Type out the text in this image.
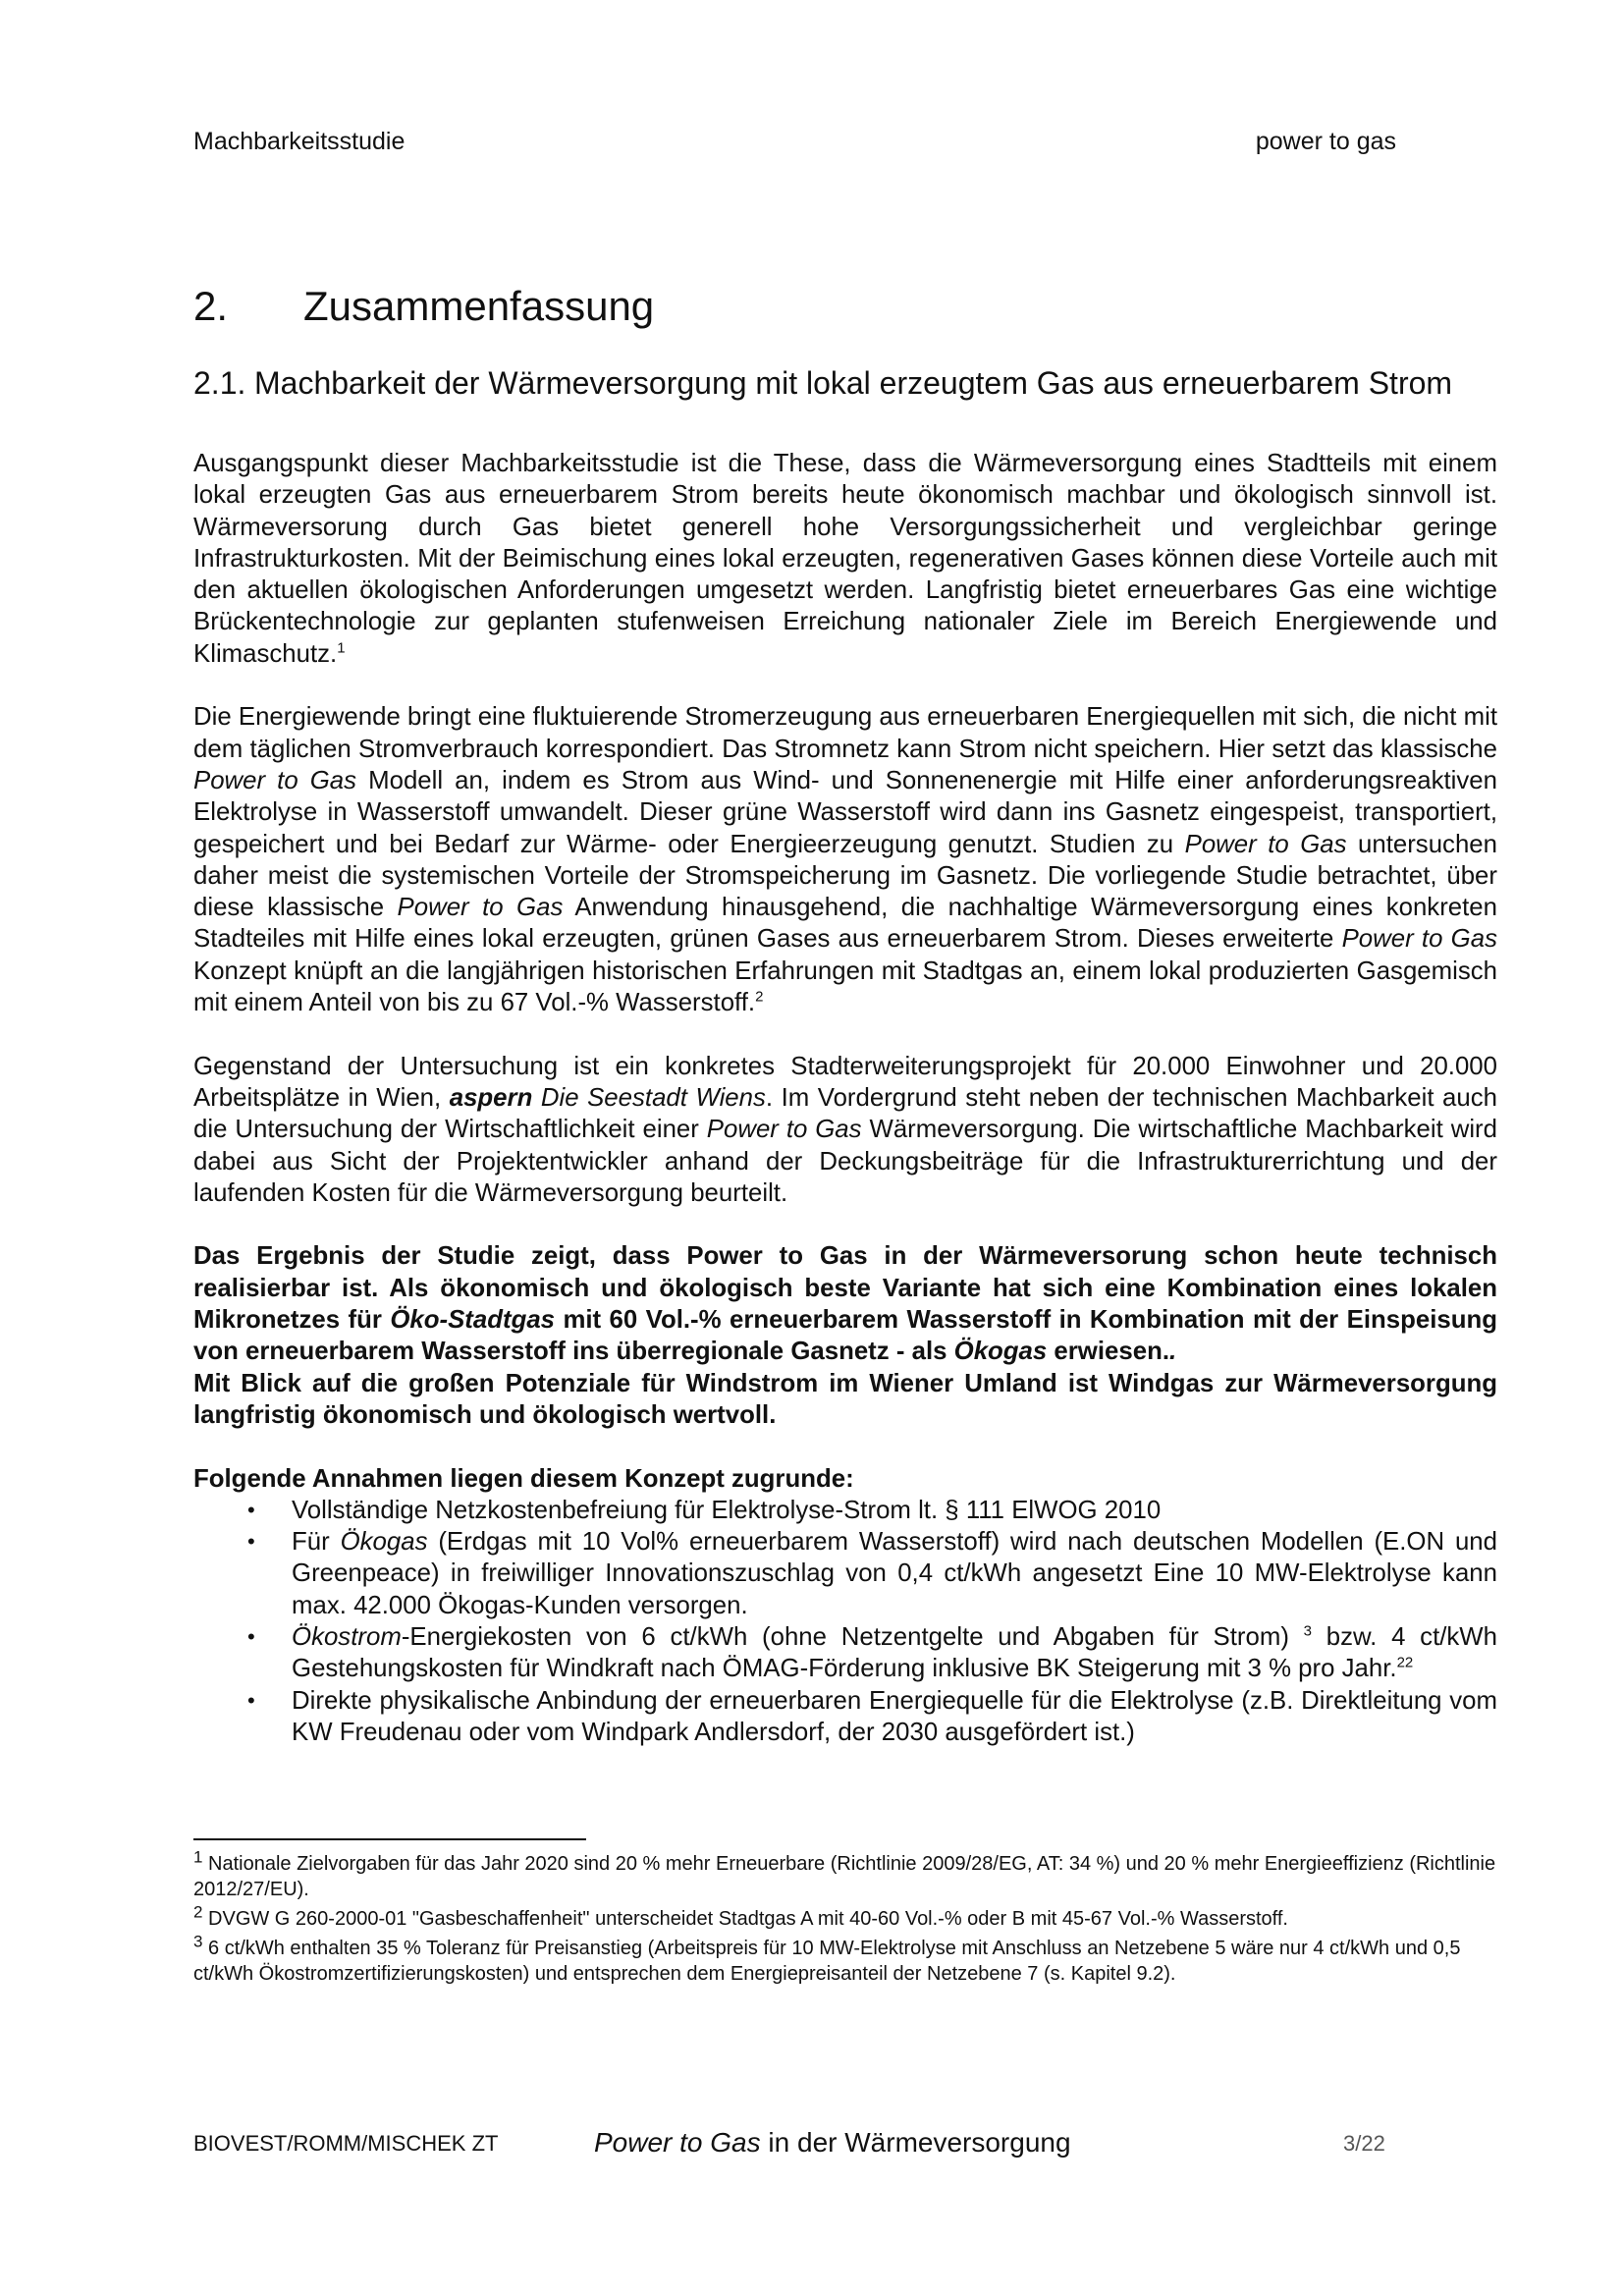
Machbarkeitsstudie	power to gas
2. Zusammenfassung
2.1. Machbarkeit der Wärmeversorgung mit lokal erzeugtem Gas aus erneuerbarem Strom

Ausgangspunkt dieser Machbarkeitsstudie ist die These, dass die Wärmeversorgung eines Stadtteils mit einem lokal erzeugten Gas aus erneuerbarem Strom bereits heute ökonomisch machbar und ökologisch sinnvoll ist. Wärmeversorung durch Gas bietet generell hohe Versorgungssicherheit und vergleichbar geringe Infrastrukturkosten. Mit der Beimischung eines lokal erzeugten, regenerativen Gases können diese Vorteile auch mit den aktuellen ökologischen Anforderungen umgesetzt werden. Langfristig bietet erneuerbares Gas eine wichtige Brückentechnologie zur geplanten stufenweisen Erreichung nationaler Ziele im Bereich Energiewende und Klimaschutz.$^1$

Die Energiewende bringt eine fluktuierende Stromerzeugung aus erneuerbaren Energiequellen mit sich, die nicht mit dem täglichen Stromverbrauch korrespondiert. Das Stromnetz kann Strom nicht speichern. Hier setzt das klassische Power to Gas Modell an, indem es Strom aus Wind- und Sonnenenergie mit Hilfe einer anforderungsreaktiven Elektrolyse in Wasserstoff umwandelt. Dieser grüne Wasserstoff wird dann ins Gasnetz eingespeist, transportiert, gespeichert und bei Bedarf zur Wärme- oder Energieerzeugung genutzt. Studien zu Power to Gas untersuchen daher meist die systemischen Vorteile der Stromspeicherung im Gasnetz. Die vorliegende Studie betrachtet, über diese klassische Power to Gas Anwendung hinausgehend, die nachhaltige Wärmeversorgung eines konkreten Stadteiles mit Hilfe eines lokal erzeugten, grünen Gases aus erneuerbarem Strom. Dieses erweiterte Power to Gas Konzept knüpft an die langjährigen historischen Erfahrungen mit Stadtgas an, einem lokal produzierten Gasgemisch mit einem Anteil von bis zu 67 Vol.-% Wasserstoff.$^2$

Gegenstand der Untersuchung ist ein konkretes Stadterweiterungsprojekt für 20.000 Einwohner und 20.000 Arbeitsplätze in Wien, aspern Die Seestadt Wiens. Im Vordergrund steht neben der technischen Machbarkeit auch die Untersuchung der Wirtschaftlichkeit einer Power to Gas Wärmeversorgung. Die wirtschaftliche Machbarkeit wird dabei aus Sicht der Projektentwickler anhand der Deckungsbeiträge für die Infrastrukturerrichtung und der laufenden Kosten für die Wärmeversorgung beurteilt.

Das Ergebnis der Studie zeigt, dass Power to Gas in der Wärmeversorung schon heute technisch realisierbar ist. Als ökonomisch und ökologisch beste Variante hat sich eine Kombination eines lokalen Mikronetzes für Öko-Stadtgas mit 60 Vol.-% erneuerbarem Wasserstoff in Kombination mit der Einspeisung von erneuerbarem Wasserstoff ins überregionale Gasnetz - als Ökogas erwiesen..

Mit Blick auf die großen Potenziale für Windstrom im Wiener Umland ist Windgas zur Wärmeversorgung langfristig ökonomisch und ökologisch wertvoll.

Folgende Annahmen liegen diesem Konzept zugrunde:

• Vollständige Netzkostenbefreiung für Elektrolyse-Strom lt. § 111 ElWOG 2010
• Für Ökogas (Erdgas mit 10 Vol% erneuerbarem Wasserstoff) wird nach deutschen Modellen (E.ON und Greenpeace) in freiwilliger Innovationszuschlag von 0,4 ct/kWh angesetzt Eine 10 MW-Elektrolyse kann max. 42.000 Ökogas-Kunden versorgen.
• Ökostrom-Energiekosten von 6 ct/kWh (ohne Netzentgelte und Abgaben für Strom) $^3$ bzw. 4 ct/kWh Gestehungskosten für Windkraft nach ÖMAG-Förderung inklusive BK Steigerung mit 3 % pro Jahr.$^{22}$
• Direkte physikalische Anbindung der erneuerbaren Energiequelle für die Elektrolyse (z.B. Direktleitung vom KW Freudenau oder vom Windpark Andlersdorf, der 2030 ausgefördert ist.)
$^1$ Nationale Zielvorgaben für das Jahr 2020 sind 20 % mehr Erneuerbare (Richtlinie 2009/28/EG, AT: 34 %) und 20 % mehr Energieeffizienz (Richtlinie 2012/27/EU).
$^2$ DVGW G 260-2000-01 "Gasbeschaffenheit" unterscheidet Stadtgas A mit 40-60 Vol.-% oder B mit 45-67 Vol.-% Wasserstoff.
$^3$ 6 ct/kWh enthalten 35 % Toleranz für Preisanstieg (Arbeitspreis für 10 MW-Elektrolyse mit Anschluss an Netzebene 5 wäre nur 4 ct/kWh und 0,5 ct/kWh Ökostromzertifizierungskosten) und entsprechen dem Energiepreisanteil der Netzebene 7 (s. Kapitel 9.2).
BIOVEST/ROMM/MISCHEK ZT	Power to Gas in der Wärmeversorgung	3/22
